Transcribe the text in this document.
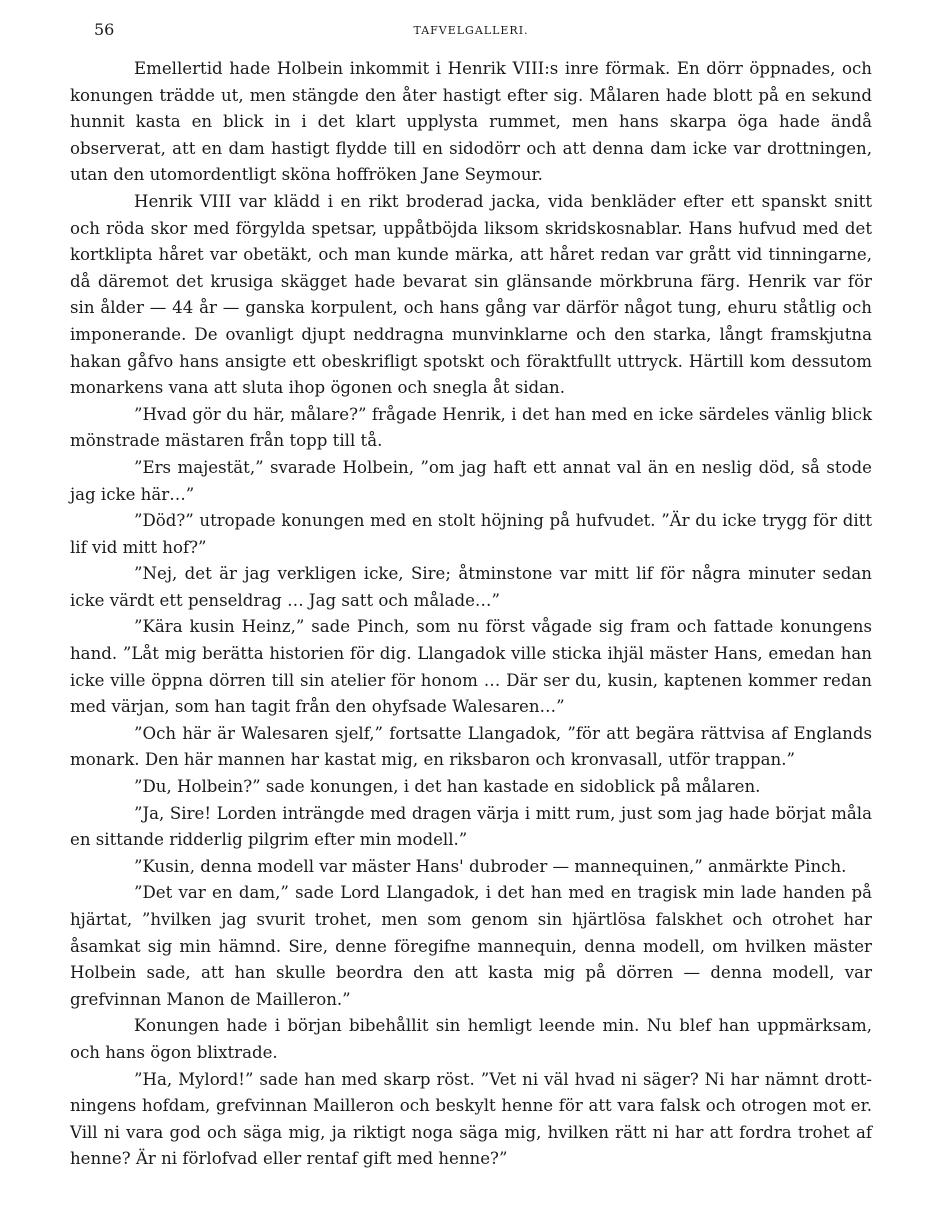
56	TAFVELGALLERI.

Emellertid hade Holbein inkommit i Henrik VIII:s inre förmak. En dörr öppnades, och konungen trädde ut, men stängde den åter hastigt efter sig. Målaren hade blott på en sekund hunnit kasta en blick in i det klart upplysta rummet, men hans skarpa öga hade ändå observerat, att en dam hastigt flydde till en sidodörr och att denna dam icke var drottningen, utan den utomordentligt sköna hoffröken Jane Seymour.

Henrik VIII var klädd i en rikt broderad jacka, vida benkläder efter ett spanskt snitt och röda skor med förgylda spetsar, uppåtböjda liksom skridskosnablar. Hans hufvud med det kortklipta håret var obetäkt, och man kunde märka, att håret redan var grått vid tinningarne, då däremot det krusiga skägget hade bevarat sin glänsande mörkbruna färg. Henrik var för sin ålder — 44 år — ganska korpulent, och hans gång var därför något tung, ehuru ståtlig och imponerande. De ovanligt djupt neddragna munvinklarne och den starka, långt framskjutna hakan gåfvo hans ansigte ett obeskrifligt spotskt och föraktfullt uttryck. Härtill kom dessutom monarkens vana att sluta ihop ögonen och snegla åt sidan.

”Hvad gör du här, målare?” frågade Henrik, i det han med en icke särdeles vänlig blick mönstrade mästaren från topp till tå.

”Ers majestät,” svarade Holbein, ”om jag haft ett annat val än en neslig död, så stode jag icke här…”

”Död?” utropade konungen med en stolt höjning på hufvudet. ”Är du icke trygg för ditt lif vid mitt hof?”

”Nej, det är jag verkligen icke, Sire; åtminstone var mitt lif för några minuter sedan icke värdt ett penseldrag … Jag satt och målade…”

”Kära kusin Heinz,” sade Pinch, som nu först vågade sig fram och fattade konungens hand. ”Låt mig berätta historien för dig. Llangadok ville sticka ihjäl mäster Hans, emedan han icke ville öppna dörren till sin atelier för honom … Där ser du, kusin, kaptenen kommer redan med värjan, som han tagit från den ohyfsade Walesaren…”

”Och här är Walesaren sjelf,” fortsatte Llangadok, ”för att begära rättvisa af Englands monark. Den här mannen har kastat mig, en riksbaron och kronvasall, utför trappan.”

”Du, Holbein?” sade konungen, i det han kastade en sidoblick på målaren.

”Ja, Sire! Lorden inträngde med dragen värja i mitt rum, just som jag hade börjat måla en sittande ridderlig pilgrim efter min modell.”

”Kusin, denna modell var mäster Hans' dubroder — mannequinen,” anmärkte Pinch.

”Det var en dam,” sade Lord Llangadok, i det han med en tragisk min lade handen på hjärtat, ”hvilken jag svurit trohet, men som genom sin hjärtlösa falskhet och otrohet har åsamkat sig min hämnd. Sire, denne föregifne mannequin, denna modell, om hvilken mäster Holbein sade, att han skulle beordra den att kasta mig på dörren — denna modell, var grefvinnan Manon de Mailleron.”

Konungen hade i början bibehållit sin hemligt leende min. Nu blef han uppmärksam, och hans ögon blixtrade.

”Ha, Mylord!” sade han med skarp röst. ”Vet ni väl hvad ni säger? Ni har nämnt drottningens hofdam, grefvinnan Mailleron och beskylt henne för att vara falsk och otrogen mot er. Vill ni vara god och säga mig, ja riktigt noga säga mig, hvilken rätt ni har att fordra trohet af henne? Är ni förlofvad eller rentaf gift med henne?”
